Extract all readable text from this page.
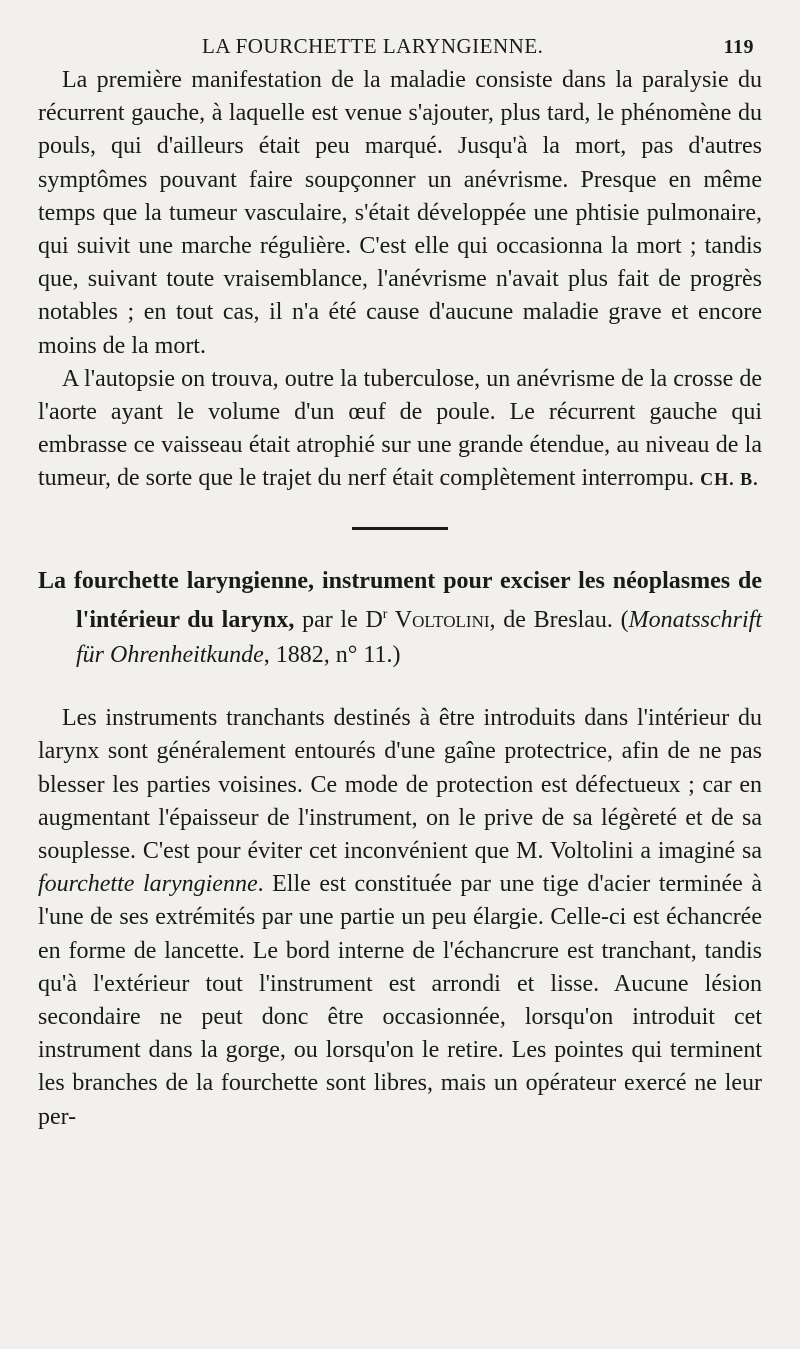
LA FOURCHETTE LARYNGIENNE.	119

La première manifestation de la maladie consiste dans la paralysie du récurrent gauche, à laquelle est venue s'ajouter, plus tard, le phénomène du pouls, qui d'ailleurs était peu marqué. Jusqu'à la mort, pas d'autres symptômes pouvant faire soupçonner un anévrisme. Presque en même temps que la tumeur vasculaire, s'était développée une phtisie pulmonaire, qui suivit une marche régulière. C'est elle qui occasionna la mort ; tandis que, suivant toute vraisemblance, l'anévrisme n'avait plus fait de progrès notables ; en tout cas, il n'a été cause d'aucune maladie grave et encore moins de la mort.

A l'autopsie on trouva, outre la tuberculose, un anévrisme de la crosse de l'aorte ayant le volume d'un œuf de poule. Le récurrent gauche qui embrasse ce vaisseau était atrophié sur une grande étendue, au niveau de la tumeur, de sorte que le trajet du nerf était complètement interrompu. CH. B.

La fourchette laryngienne, instrument pour exciser les néoplasmes de l'intérieur du larynx, par le $D^r$ Voltolini, de Breslau. (Monatsschrift für Ohrenheitkunde, 1882, n° 11.)

Les instruments tranchants destinés à être introduits dans l'intérieur du larynx sont généralement entourés d'une gaîne protectrice, afin de ne pas blesser les parties voisines. Ce mode de protection est défectueux ; car en augmentant l'épaisseur de l'instrument, on le prive de sa légèreté et de sa souplesse. C'est pour éviter cet inconvénient que M. Voltolini a imaginé sa fourchette laryngienne. Elle est constituée par une tige d'acier terminée à l'une de ses extrémités par une partie un peu élargie. Celle-ci est échancrée en forme de lancette. Le bord interne de l'échancrure est tranchant, tandis qu'à l'extérieur tout l'instrument est arrondi et lisse. Aucune lésion secondaire ne peut donc être occasionnée, lorsqu'on introduit cet instrument dans la gorge, ou lorsqu'on le retire. Les pointes qui terminent les branches de la fourchette sont libres, mais un opérateur exercé ne leur per-
